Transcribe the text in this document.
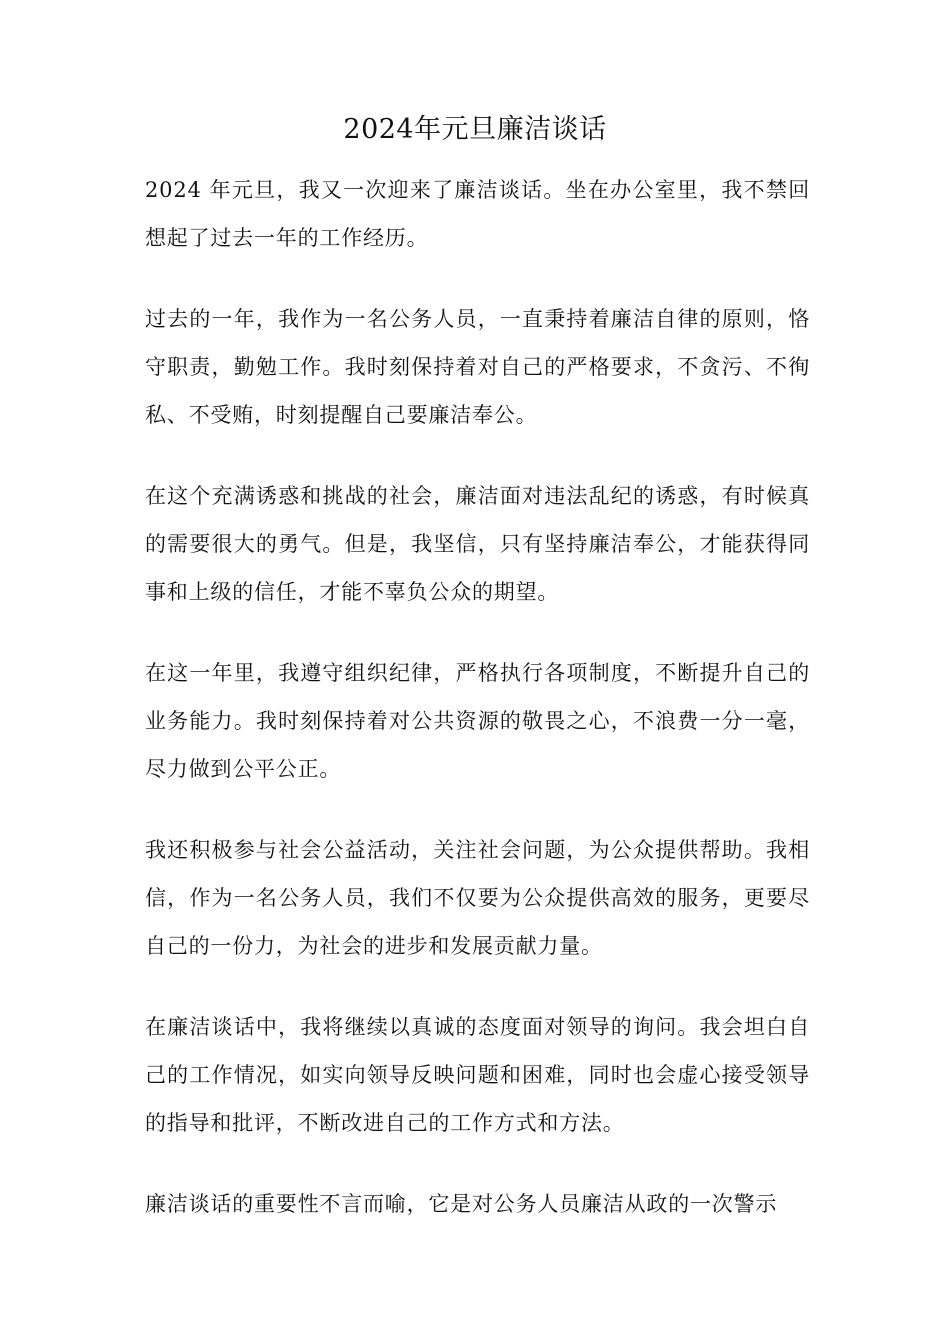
2024年元旦廉洁谈话

2024 年元旦，我又一次迎来了廉洁谈话。坐在办公室里，我不禁回想起了过去一年的工作经历。

过去的一年，我作为一名公务人员，一直秉持着廉洁自律的原则，恪守职责，勤勉工作。我时刻保持着对自己的严格要求，不贪污、不徇私、不受贿，时刻提醒自己要廉洁奉公。

在这个充满诱惑和挑战的社会，廉洁面对违法乱纪的诱惑，有时候真的需要很大的勇气。但是，我坚信，只有坚持廉洁奉公，才能获得同事和上级的信任，才能不辜负公众的期望。

在这一年里，我遵守组织纪律，严格执行各项制度，不断提升自己的业务能力。我时刻保持着对公共资源的敬畏之心，不浪费一分一毫，尽力做到公平公正。

我还积极参与社会公益活动，关注社会问题，为公众提供帮助。我相信，作为一名公务人员，我们不仅要为公众提供高效的服务，更要尽自己的一份力，为社会的进步和发展贡献力量。

在廉洁谈话中，我将继续以真诚的态度面对领导的询问。我会坦白自己的工作情况，如实向领导反映问题和困难，同时也会虚心接受领导的指导和批评，不断改进自己的工作方式和方法。

廉洁谈话的重要性不言而喻，它是对公务人员廉洁从政的一次警示
